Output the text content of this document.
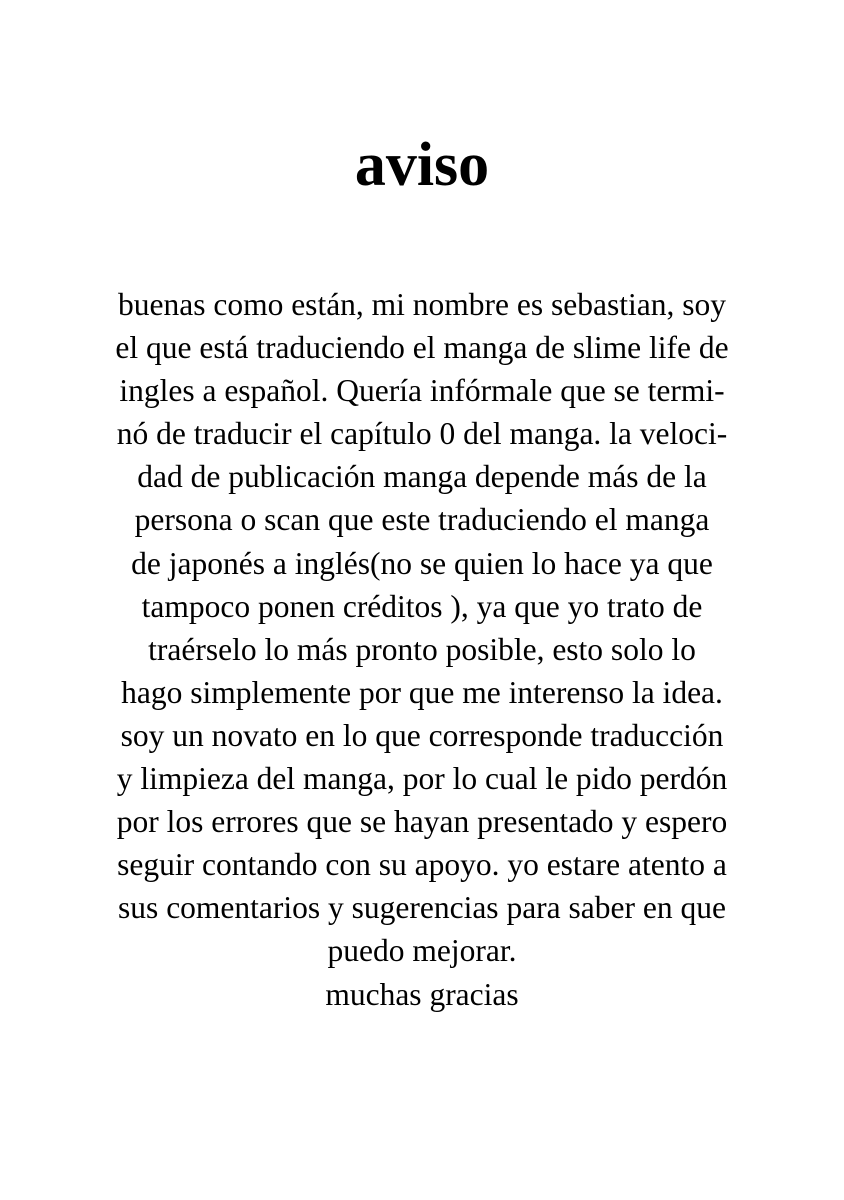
aviso
buenas como están, mi nombre es sebastian, soy
el que está traduciendo el manga de slime life de
ingles a español. Quería infórmale que se termi-
nó de traducir el capítulo 0 del manga. la veloci-
dad de publicación manga depende más de la
persona o scan que este traduciendo el manga
de japonés a inglés(no se quien lo hace ya que
tampoco ponen créditos ), ya que yo trato de
traérselo lo más pronto posible, esto solo lo
hago simplemente por que me interenso la idea.
soy un novato en lo que corresponde traducción
y limpieza del manga, por lo cual le pido perdón
por los errores que se hayan presentado y espero
seguir contando con su apoyo. yo estare atento a
sus comentarios y sugerencias para saber en que
puedo mejorar.
muchas gracias
